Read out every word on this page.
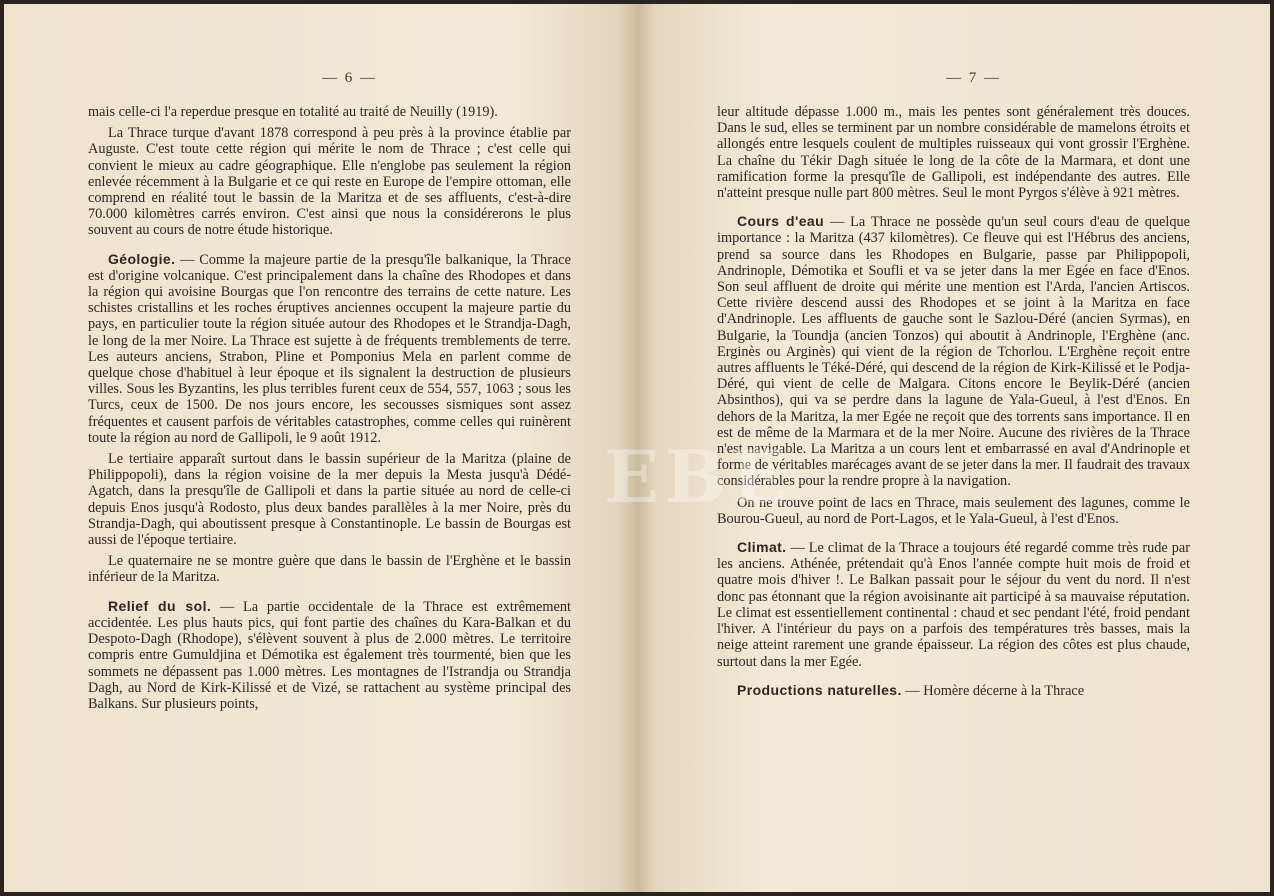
— 6 —

mais celle-ci l'a reperdue presque en totalité au traité de Neuilly (1919).

La Thrace turque d'avant 1878 correspond à peu près à la province établie par Auguste. C'est toute cette région qui mérite le nom de Thrace ; c'est celle qui convient le mieux au cadre géographique. Elle n'englobe pas seulement la région enlevée récemment à la Bulgarie et ce qui reste en Europe de l'empire ottoman, elle comprend en réalité tout le bassin de la Maritza et de ses affluents, c'est-à-dire 70.000 kilomètres carrés environ. C'est ainsi que nous la considérerons le plus souvent au cours de notre étude historique.

Géologie. — Comme la majeure partie de la presqu'île balkanique, la Thrace est d'origine volcanique. C'est principalement dans la chaîne des Rhodopes et dans la région qui avoisine Bourgas que l'on rencontre des terrains de cette nature. Les schistes cristallins et les roches éruptives anciennes occupent la majeure partie du pays, en particulier toute la région située autour des Rhodopes et le Strandja-Dagh, le long de la mer Noire. La Thrace est sujette à de fréquents tremblements de terre. Les auteurs anciens, Strabon, Pline et Pomponius Mela en parlent comme de quelque chose d'habituel à leur époque et ils signalent la destruction de plusieurs villes. Sous les Byzantins, les plus terribles furent ceux de 554, 557, 1063 ; sous les Turcs, ceux de 1500. De nos jours encore, les secousses sismiques sont assez fréquentes et causent parfois de véritables catastrophes, comme celles qui ruinèrent toute la région au nord de Gallipoli, le 9 août 1912.

Le tertiaire apparaît surtout dans le bassin supérieur de la Maritza (plaine de Philippopoli), dans la région voisine de la mer depuis la Mesta jusqu'à Dédé-Agatch, dans la presqu'île de Gallipoli et dans la partie située au nord de celle-ci depuis Enos jusqu'à Rodosto, plus deux bandes parallèles à la mer Noire, près du Strandja-Dagh, qui aboutissent presque à Constantinople. Le bassin de Bourgas est aussi de l'époque tertiaire.

Le quaternaire ne se montre guère que dans le bassin de l'Erghène et le bassin inférieur de la Maritza.

Relief du sol. — La partie occidentale de la Thrace est extrêmement accidentée. Les plus hauts pics, qui font partie des chaînes du Kara-Balkan et du Despoto-Dagh (Rhodope), s'élèvent souvent à plus de 2.000 mètres. Le territoire compris entre Gumuldjina et Démotika est également très tourmenté, bien que les sommets ne dépassent pas 1.000 mètres. Les montagnes de l'Istrandja ou Strandja Dagh, au Nord de Kirk-Kilissé et de Vizé, se rattachent au système principal des Balkans. Sur plusieurs points,

— 7 —

leur altitude dépasse 1.000 m., mais les pentes sont généralement très douces. Dans le sud, elles se terminent par un nombre considérable de mamelons étroits et allongés entre lesquels coulent de multiples ruisseaux qui vont grossir l'Erghène. La chaîne du Tékir Dagh située le long de la côte de la Marmara, et dont une ramification forme la presqu'île de Gallipoli, est indépendante des autres. Elle n'atteint presque nulle part 800 mètres. Seul le mont Pyrgos s'élève à 921 mètres.

Cours d'eau — La Thrace ne possède qu'un seul cours d'eau de quelque importance : la Maritza (437 kilomètres). Ce fleuve qui est l'Hébrus des anciens, prend sa source dans les Rhodopes en Bulgarie, passe par Philippopoli, Andrinople, Démotika et Soufli et va se jeter dans la mer Egée en face d'Enos. Son seul affluent de droite qui mérite une mention est l'Arda, l'ancien Artiscos. Cette rivière descend aussi des Rhodopes et se joint à la Maritza en face d'Andrinople. Les affluents de gauche sont le Sazlou-Déré (ancien Syrmas), en Bulgarie, la Toundja (ancien Tonzos) qui aboutit à Andrinople, l'Erghène (anc. Erginès ou Arginès) qui vient de la région de Tchorlou. L'Erghène reçoit entre autres affluents le Téké-Déré, qui descend de la région de Kirk-Kilissé et le Podja-Déré, qui vient de celle de Malgara. Citons encore le Beylik-Déré (ancien Absinthos), qui va se perdre dans la lagune de Yala-Gueul, à l'est d'Enos. En dehors de la Maritza, la mer Egée ne reçoit que des torrents sans importance. Il en est de même de la Marmara et de la mer Noire. Aucune des rivières de la Thrace n'est navigable. La Maritza a un cours lent et embarrassé en aval d'Andrinople et forme de véritables marécages avant de se jeter dans la mer. Il faudrait des travaux considérables pour la rendre propre à la navigation.

On ne trouve point de lacs en Thrace, mais seulement des lagunes, comme le Bourou-Gueul, au nord de Port-Lagos, et le Yala-Gueul, à l'est d'Enos.

Climat. — Le climat de la Thrace a toujours été regardé comme très rude par les anciens. Athénée, prétendait qu'à Enos l'année compte huit mois de froid et quatre mois d'hiver !. Le Balkan passait pour le séjour du vent du nord. Il n'est donc pas étonnant que la région avoisinante ait participé à sa mauvaise réputation. Le climat est essentiellement continental : chaud et sec pendant l'été, froid pendant l'hiver. A l'intérieur du pays on a parfois des températures très basses, mais la neige atteint rarement une grande épaisseur. La région des côtes est plus chaude, surtout dans la mer Egée.

Productions naturelles. — Homère décerne à la Thrace

EBE
